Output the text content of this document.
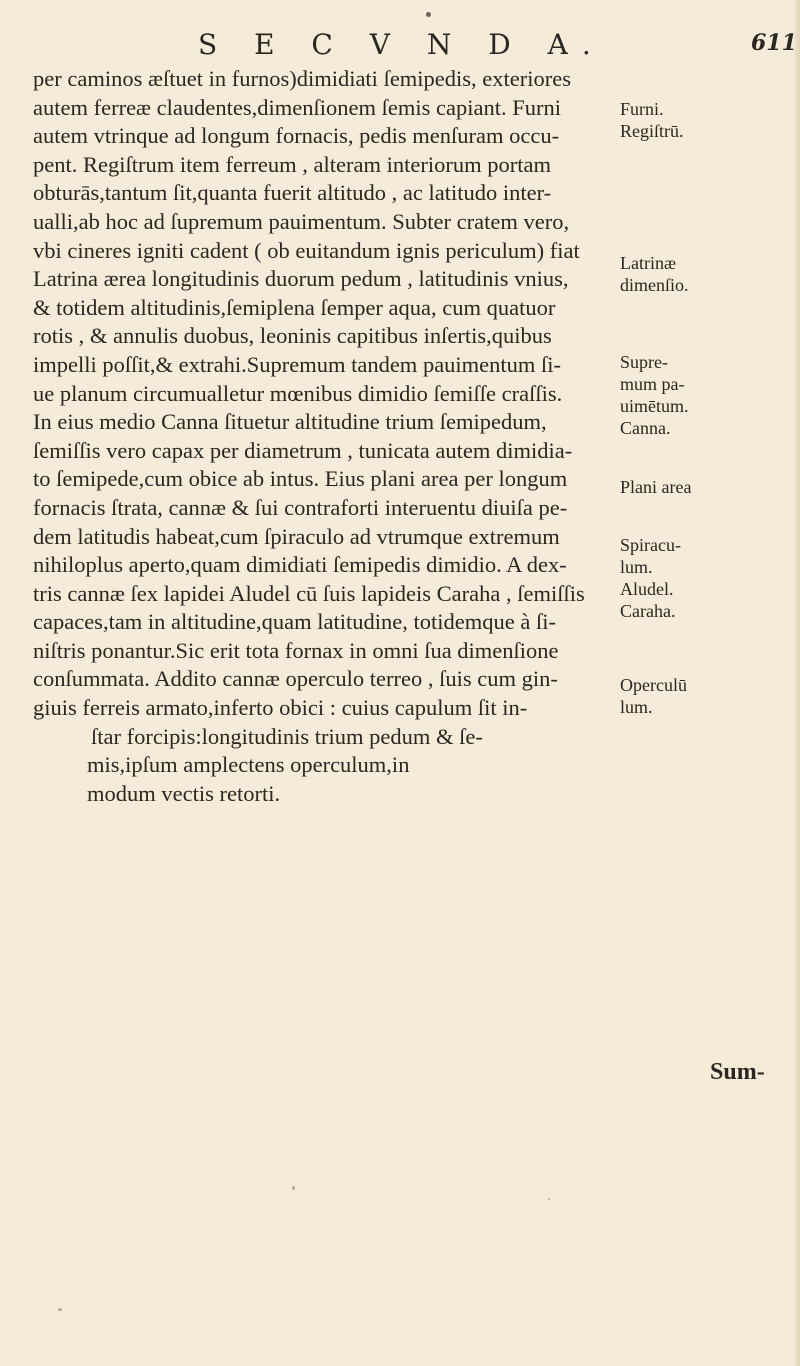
S E C V N D A.	611
per caminos æſtuet in furnos)dimidiati ſemipedis, exteriores
autem ferreæ claudentes,dimenſionem ſemis capiant. Furni
autem vtrinque ad longum fornacis, pedis menſuram occu-
pent. Regiſtrum item ferreum , alteram interiorum portam
obturās,tantum ſit,quanta fuerit altitudo , ac latitudo inter-
ualli,ab hoc ad ſupremum pauimentum. Subter cratem vero,
vbi cineres igniti cadent ( ob euitandum ignis periculum) fiat
Latrina ærea longitudinis duorum pedum , latitudinis vnius,
& totidem altitudinis,ſemiplena ſemper aqua, cum quatuor
rotis , & annulis duobus, leoninis capitibus inſertis,quibus
impelli poſſit,& extrahi.Supremum tandem pauimentum ſi-
ue planum circumualletur mœnibus dimidio ſemiſſe craſſis.
In eius medio Canna ſituetur altitudine trium ſemipedum,
ſemiſſis vero capax per diametrum , tunicata autem dimidia-
to ſemipede,cum obice ab intus. Eius plani area per longum
fornacis ſtrata, cannæ & ſui contraforti interuentu diuiſa pe-
dem latitudis habeat,cum ſpiraculo ad vtrumque extremum
nihiloplus aperto,quam dimidiati ſemipedis dimidio. A dex-
tris cannæ ſex lapidei Aludel cū ſuis lapideis Caraha , ſemiſſis
capaces,tam in altitudine,quam latitudine, totidemque à ſi-
niſtris ponantur.Sic erit tota fornax in omni ſua dimenſione
conſummata. Addito cannæ operculo terreo , ſuis cum gin-
giuis ferreis armato,inferto obici : cuius capulum ſit in-
ſtar forcipis:longitudinis trium pedum & ſe-
mis,ipſum amplectens operculum,in
modum vectis retorti.
Furni.
Regiſtrū.
Latrinæ
dimenſio.
Supre-
mum pa-
uimētum.
Canna.
Plani area
Spiracu-
lum.
Aludel.
Caraha.
Operculū
lum.
Sum-
